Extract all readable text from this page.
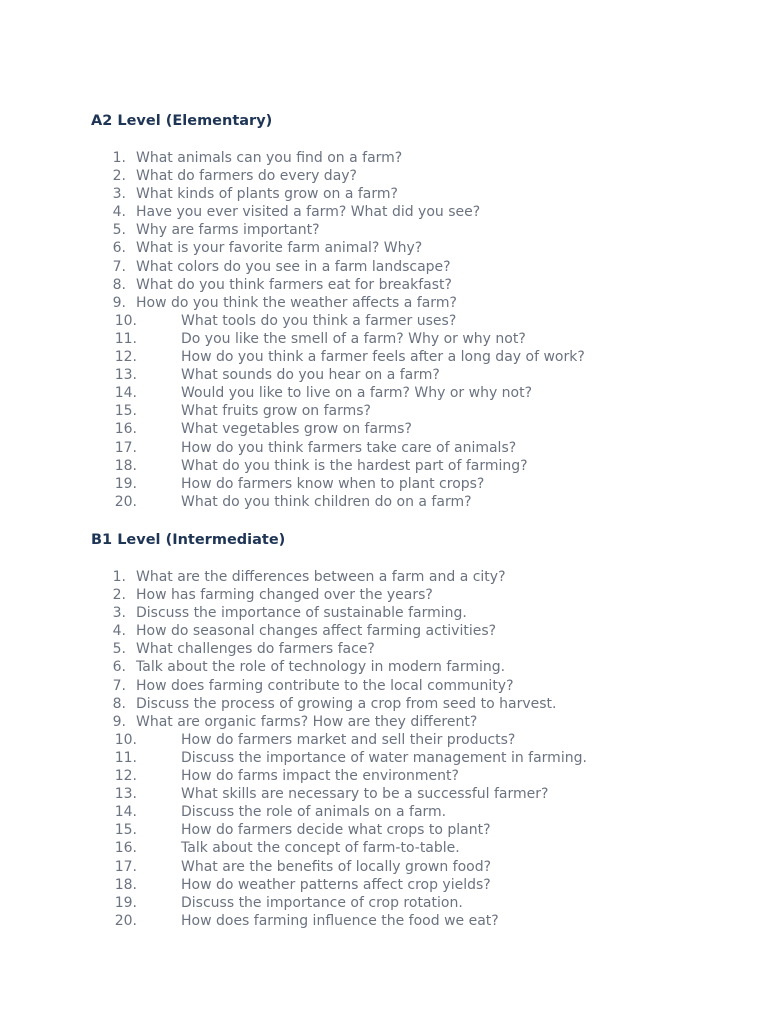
A2 Level (Elementary)
1. What animals can you find on a farm?
2. What do farmers do every day?
3. What kinds of plants grow on a farm?
4. Have you ever visited a farm? What did you see?
5. Why are farms important?
6. What is your favorite farm animal? Why?
7. What colors do you see in a farm landscape?
8. What do you think farmers eat for breakfast?
9. How do you think the weather affects a farm?
10.	What tools do you think a farmer uses?
11.	Do you like the smell of a farm? Why or why not?
12.	How do you think a farmer feels after a long day of work?
13.	What sounds do you hear on a farm?
14.	Would you like to live on a farm? Why or why not?
15.	What fruits grow on farms?
16.	What vegetables grow on farms?
17.	How do you think farmers take care of animals?
18.	What do you think is the hardest part of farming?
19.	How do farmers know when to plant crops?
20.	What do you think children do on a farm?
B1 Level (Intermediate)
1. What are the differences between a farm and a city?
2. How has farming changed over the years?
3. Discuss the importance of sustainable farming.
4. How do seasonal changes affect farming activities?
5. What challenges do farmers face?
6. Talk about the role of technology in modern farming.
7. How does farming contribute to the local community?
8. Discuss the process of growing a crop from seed to harvest.
9. What are organic farms? How are they different?
10.	How do farmers market and sell their products?
11.	Discuss the importance of water management in farming.
12.	How do farms impact the environment?
13.	What skills are necessary to be a successful farmer?
14.	Discuss the role of animals on a farm.
15.	How do farmers decide what crops to plant?
16.	Talk about the concept of farm-to-table.
17.	What are the benefits of locally grown food?
18.	How do weather patterns affect crop yields?
19.	Discuss the importance of crop rotation.
20.	How does farming influence the food we eat?
